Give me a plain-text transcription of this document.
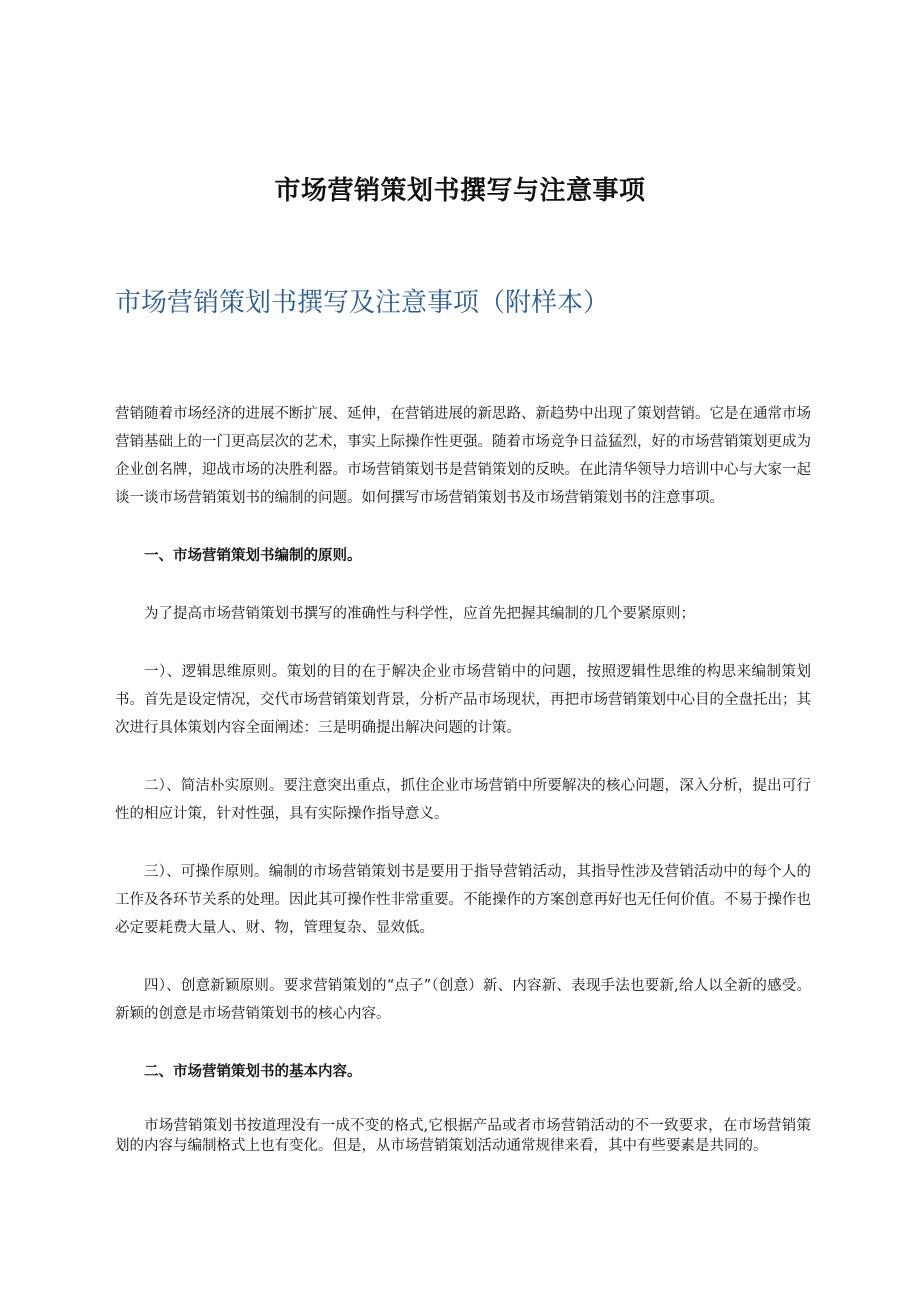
市场营销策划书撰写与注意事项
市场营销策划书撰写及注意事项（附样本）

营销随着市场经济的进展不断扩展、延伸，在营销进展的新思路、新趋势中出现了策划营销。它是在通常市场营销基础上的一门更高层次的艺术，事实上际操作性更强。随着市场竞争日益猛烈，好的市场营销策划更成为企业创名牌，迎战市场的决胜利器。市场营销策划书是营销策划的反映。在此清华领导力培训中心与大家一起谈一谈市场营销策划书的编制的问题。如何撰写市场营销策划书及市场营销策划书的注意事项。

一、市场营销策划书编制的原则。

为了提高市场营销策划书撰写的准确性与科学性，应首先把握其编制的几个要紧原则；

一）、逻辑思维原则。策划的目的在于解决企业市场营销中的问题，按照逻辑性思维的构思来编制策划书。首先是设定情况，交代市场营销策划背景，分析产品市场现状，再把市场营销策划中心目的全盘托出；其次进行具体策划内容全面阐述：三是明确提出解决问题的计策。

二）、简洁朴实原则。要注意突出重点，抓住企业市场营销中所要解决的核心问题，深入分析，提出可行性的相应计策，针对性强，具有实际操作指导意义。

三）、可操作原则。编制的市场营销策划书是要用于指导营销活动，其指导性涉及营销活动中的每个人的工作及各环节关系的处理。因此其可操作性非常重要。不能操作的方案创意再好也无任何价值。不易于操作也必定要耗费大量人、财、物，管理复杂、显效低。

四）、创意新颖原则。要求营销策划的“点子”（创意）新、内容新、表现手法也要新,给人以全新的感受。新颖的创意是市场营销策划书的核心内容。

二、市场营销策划书的基本内容。

市场营销策划书按道理没有一成不变的格式,它根据产品或者市场营销活动的不一致要求，在市场营销策划的内容与编制格式上也有变化。但是，从市场营销策划活动通常规律来看，其中有些要素是共同的。
